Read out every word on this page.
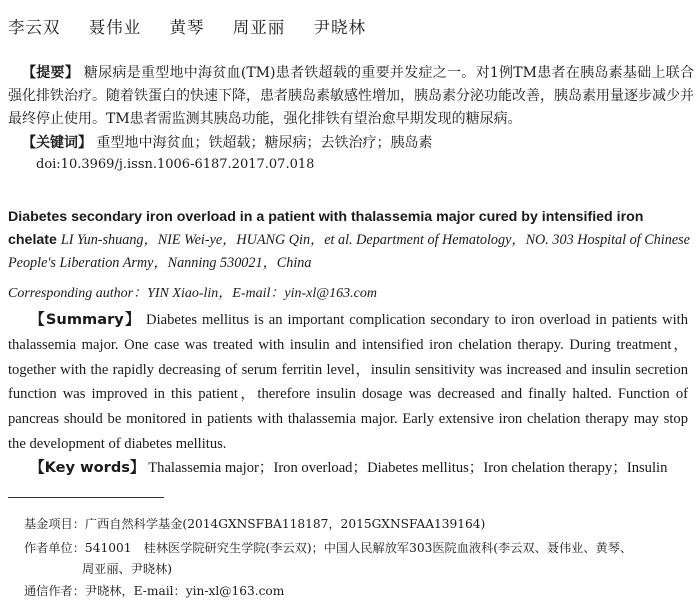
李云双 聂伟业 黄琴 周亚丽 尹晓林
【提要】 糖尿病是重型地中海贫血(TM)患者铁超载的重要并发症之一。对1例TM患者在胰岛素基础上联合强化排铁治疗。随着铁蛋白的快速下降，患者胰岛素敏感性增加，胰岛素分泌功能改善，胰岛素用量逐步减少并最终停止使用。TM患者需监测其胰岛功能，强化排铁有望治愈早期发现的糖尿病。
【关键词】 重型地中海贫血；铁超载；糖尿病；去铁治疗；胰岛素
doi:10.3969/j.issn.1006-6187.2017.07.018
Diabetes secondary iron overload in a patient with thalassemia major cured by intensified iron chelate LI Yun-shuang，NIE Wei-ye，HUANG Qin，et al. Department of Hematology，NO. 303 Hospital of Chinese People's Liberation Army，Nanning 530021，China
Corresponding author：YIN Xiao-lin，E-mail：yin-xl@163.com
【Summary】 Diabetes mellitus is an important complication secondary to iron overload in patients with thalassemia major. One case was treated with insulin and intensified iron chelation therapy. During treatment，together with the rapidly decreasing of serum ferritin level，insulin sensitivity was increased and insulin secretion function was improved in this patient，therefore insulin dosage was decreased and finally halted. Function of pancreas should be monitored in patients with thalassemia major. Early extensive iron chelation therapy may stop the development of diabetes mellitus.
【Key words】 Thalassemia major；Iron overload；Diabetes mellitus；Iron chelation therapy；Insulin
基金项目：广西自然科学基金(2014GXNSFBA118187，2015GXNSFAA139164)
作者单位：541001　桂林医学院研究生学院(李云双)；中国人民解放军303医院血液科(李云双、聂伟业、黄琴、
周亚丽、尹晓林)
通信作者：尹晓林，E-mail：yin-xl@163.com
